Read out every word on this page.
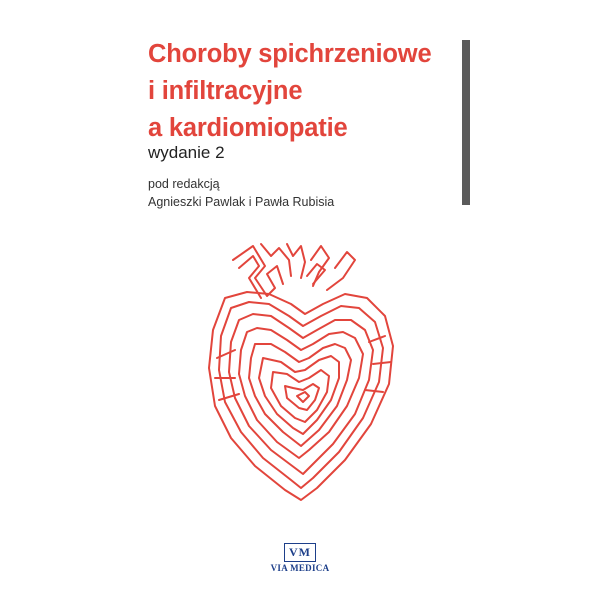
Choroby spichrzeniowe
i infiltracyjne
a kardiomiopatie
wydanie 2
pod redakcją
Agnieszki Pawlak i Pawła Rubisia
VM
VIA MEDICA
